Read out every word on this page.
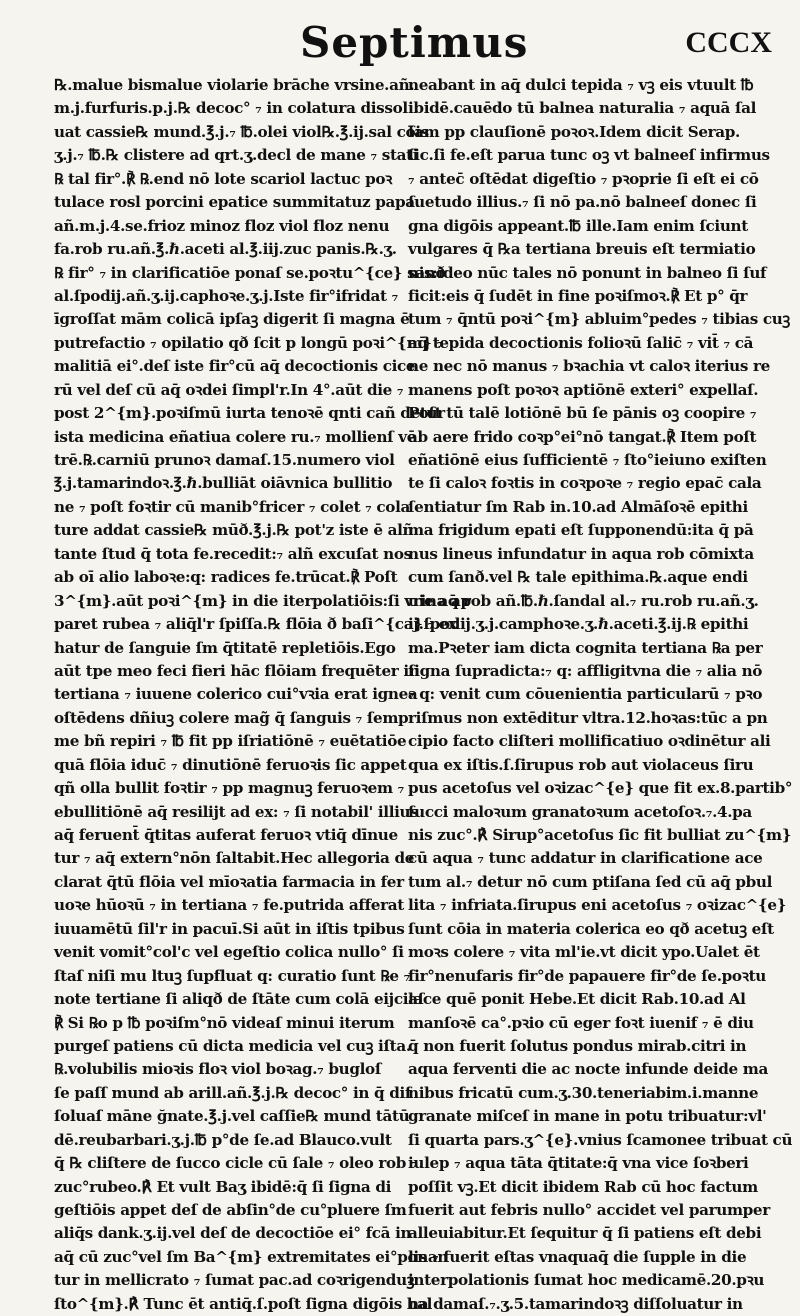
Septimus	CCCX
℞.malue bismalue violarie brāche vrsine.añ.
m.j.furfuris.p.j.℞ decoc° ₇ in colatura dissol
uat cassie℞ mund.℥.j.₇ ℔.olei viol℞.℥.ij.sal cōis
ʒ.j.₇ ℔.℞ clistere ad qrt.ʒ.decl de mane ₇ stati
℞ tal fir°.℟ ℞.end nō lote scariol lactuc poꝛ
tulace rosl porcini epatice summitatuz papa.
añ.m.j.4.se.frioz minoz floz viol floz nenu
fa.rob ru.añ.℥.ℏ.aceti al.℥.iij.zuc panis.℞.ʒ.
℞ fir° ₇ in clarificatiōe ponaſ se.poꝛtu^{ce} sanð
al.ſpodij.añ.ʒ.ij.caphoꝛe.ʒ.j.Iste fir°ifridat ₇
īgroſſat mām colicā ipſaꝫ digerit ſi magna ē
putrefactio ₇ opilatio qð ſcit p longū poꝛi^{m} ₇
malitiā ei°.deſ iste fir°cū aq̄ decoctionis cice
rū vel deſ cū aq̄ oꝛdei ſimpl'r.In 4°.aūt die ₇
post 2^{m}.poꝛiſmū iurta tenoꝛē qnti cañ detur
ista medicina eñatiua colere ru.₇ mollienſ vē
trē.℞.carniū prunoꝛ damaſ.15.numero viol
℥.j.tamarindoꝛ.℥.ℏ.bulliāt oiāvnica bullitio
ne ₇ poſt foꝛtir cū manib°fricer ₇ colet ₇ cola
ture addat cassie℞ mūð.℥.j.℞ pot'z iste ē alñ
tante ſtud q̄ tota fe.recedit:₇ alñ excuſat nos
ab oī alio laboꝛe:q: radices fe.trūcat.℟ Poſt
3^{m}.aūt poꝛi^{m} in die iterpolatiōis:ſi vrina ap
paret rubea ₇ aliq̄l'r ſpiſſa.℞ flōia ð baſi^{ca} ₇ ex
hatur de ſanguie ſm q̄titatē repletiōis.Ego
aūt tpe meo feci fieri hāc flōiam frequēter in
tertiana ₇ iuuene colerico cui°vꝛia erat ignea
oſtēdens dñiuꝫ colere mag̃ q̄ ſanguis ₇ ſemp
me bñ repiri ₇ ℔ fit pp iſriatiōnē ₇ euētatiōe
quā flōia iduc̄ ₇ dinutiōnē feruoꝛis ſic appet
qñ olla bullit foꝛtir ₇ pp magnuꝫ feruoꝛem ₇
ebullitiōnē aq̄ resilijt ad ex: ₇ ſi notabil' illius
aq̄ feruent̄ q̄titas auferat feruoꝛ vtiq̄ dīnue
tur ₇ aq̄ extern°nōn ſaltabit.Hec allegoria de
clarat q̄tū flōia vel mīoꝛatia farmacia in fer
uoꝛe hūoꝛū ₇ in tertiana ₇ fe.putrida afferat
iuuamētū ſil'r in pacuī.Si aūt in iſtis tpibus
venit vomit°col'c vel egeſtio colica nullo° ſi
ſtaſ niſi mu ltuꝫ ſupfluat q: curatio ſunt ℞e ₇
note tertiane ſi aliqð de ſtāte cum colā eijciaſ
℟ Si ℞o p ℔ poꝛiſm°nō videaſ minui iterum
purgeſ patiens cū dicta medicia vel cuꝫ iſta.
℞.volubilis mioꝛis floꝛ viol boꝛag.₇ bugloſ
ſe paſſ mund ab arill.añ.℥.j.℞ decoc° in q̄ diſ
ſoluaſ māne ğnate.℥.j.vel caſſie℞ mund tātū
dē.reubarbari.ʒ.j.℔ p°de ſe.ad Blauco.vult
q̄ ℞ cliſtere de ſucco cicle cū ſale ₇ oleo rob ₇
zuc°rubeo.℟ Et vult Baʒ ibidē:q̄ ſi ſigna di
geſtiōis appet deſ de abſin°de cu°pluere ſm
aliq̄s dank.ʒ.ij.vel deſ de decoctiōe ei° fcā in
aq̄ cū zuc°vel ſm Ba^{m} extremitates ei°ponan
tur in mellicrato ₇ ſumat pac.ad coꝛrigenduꝫ
ſto^{m}.℟ Tunc ēt antiq̄.ſ.poſt ſigna digōis bal
neabant in aq̄ dulci tepida ₇ vꝫ eis vtuult ℔
ibidē.cauēdo tū balnea naturalia ₇ aquā ſal
ſam pp clauſionē poꝛoꝛ.Idem dicit Serap.
ſic.ſi fe.eſt parua tunc oꝫ vt balneeſ infirmus
₇ antec̄ oſtēdat digeſtio ₇ pꝛoprie ſi eſt ei cō
ſuetudo illius.₇ ſi nō pa.nō balneeſ donec ſi
gna digōis appeant.℔ ille.Iam enim ſciunt
vulgares q̄ ℞a tertiana breuis eſt termiatio
nis:ideo nūc tales nō ponunt in balneo ſi ſuf
ficit:eis q̄ ſudēt in fine poꝛiſmoꝛ.℟ Et p° q̄r
tum ₇ q̄ntū poꝛi^{m} abluim°pedes ₇ tibias cuꝫ
aq̄ tepida decoctionis folioꝛū ſalic̄ ₇ vit̄ ₇ cā
ne nec nō manus ₇ bꝛachia vt caloꝛ iterius re
manens poſt poꝛoꝛ aptiōnē exteri° expellaſ.
Poſt tū talē lotiōnē bū ſe pānis oꝫ coopire ₇
ab aere frido coꝛp°ei°nō tangat.℟ Item poſt
eñatiōnē eius ſufficientē ₇ ſto°ieiuno exiſten
te ſi caloꝛ foꝛtis in coꝛpoꝛe ₇ regio epac̄ cala
ſentiatur ſm Rab in.10.ad Almāſoꝛē epithi
ma frigidum epati eſt ſupponendū:ita q̄ pā
nus lineus infundatur in aqua rob cōmixta
cum ſanð.vel ℞ tale epithima.℞.aque endi
uie aq̄ rob añ.℔.ℏ.ſandal al.₇ ru.rob ru.añ.ʒ.
ij.ſpodij.ʒ.j.camphoꝛe.ʒ.ℏ.aceti.℥.ij.℞ epithi
ma.Pꝛeter iam dicta cognita tertiana ℞a per
ſigna ſupradicta:₇ q: affligitvna die ₇ alia nō
₇ q: venit cum cōuenientia particularū ₇ pꝛo
riſmus non extēditur vltra.12.hoꝛas:tūc a pn
cipio facto cliſteri mollificatiuo oꝛdinētur ali
qua ex iſtis.ſ.ſirupus rob aut violaceus ſiru
pus acetoſus vel oꝛizac^{e} que fit ex.8.partib°
ſucci maloꝛum granatoꝛum acetoſoꝛ.₇.4.pa
nis zuc°.℟ Sirup°acetoſus ſic fit bulliat zu^{m}
cū aqua ₇ tunc addatur in clarificatione ace
tum al.₇ detur nō cum ptiſana ſed cū aq̄ pbul
lita ₇ infriata.ſirupus eni acetoſus ₇ oꝛizac^{e}
ſunt cōia in materia colerica eo qð acetuꝫ eſt
moꝛs colere ₇ vita ml'ie.vt dicit ypo.Ualet ēt
fir°nenufaris fir°de papauere fir°de ſe.poꝛtu
lace quē ponit Hebe.Et dicit Rab.10.ad Al
manſoꝛē ca°.pꝛio cū eger foꝛt iuenif ₇ ē diu
q̄ non fuerit ſolutus pondus mirab.citri in
aqua ferventi die ac nocte infunde deide ma
nibus fricatū cum.ʒ.30.teneriabim.i.manne
granate miſceſ in mane in potu tribuatur:vl'
ſi quarta pars.ʒ^{e}.vnius ſcamonee tribuat cū
iulep ₇ aqua tāta q̄titate:q̄ vna vice ſoꝛberi
poſſit vꝫ.Et dicit ibidem Rab cū hoc factum
fuerit aut febris nullo° accidet vel parumper
alleuiabitur.Et ſequitur q̄ ſi patiens eſt debi
lis ₇ fuerit eſtas vnaquaq̄ die ſupple in die
interpolationis ſumat hoc medicamē.20.pꝛu
na damaſ.₇.ʒ.5.tamarindoꝛꝫ diſſoluatur in
